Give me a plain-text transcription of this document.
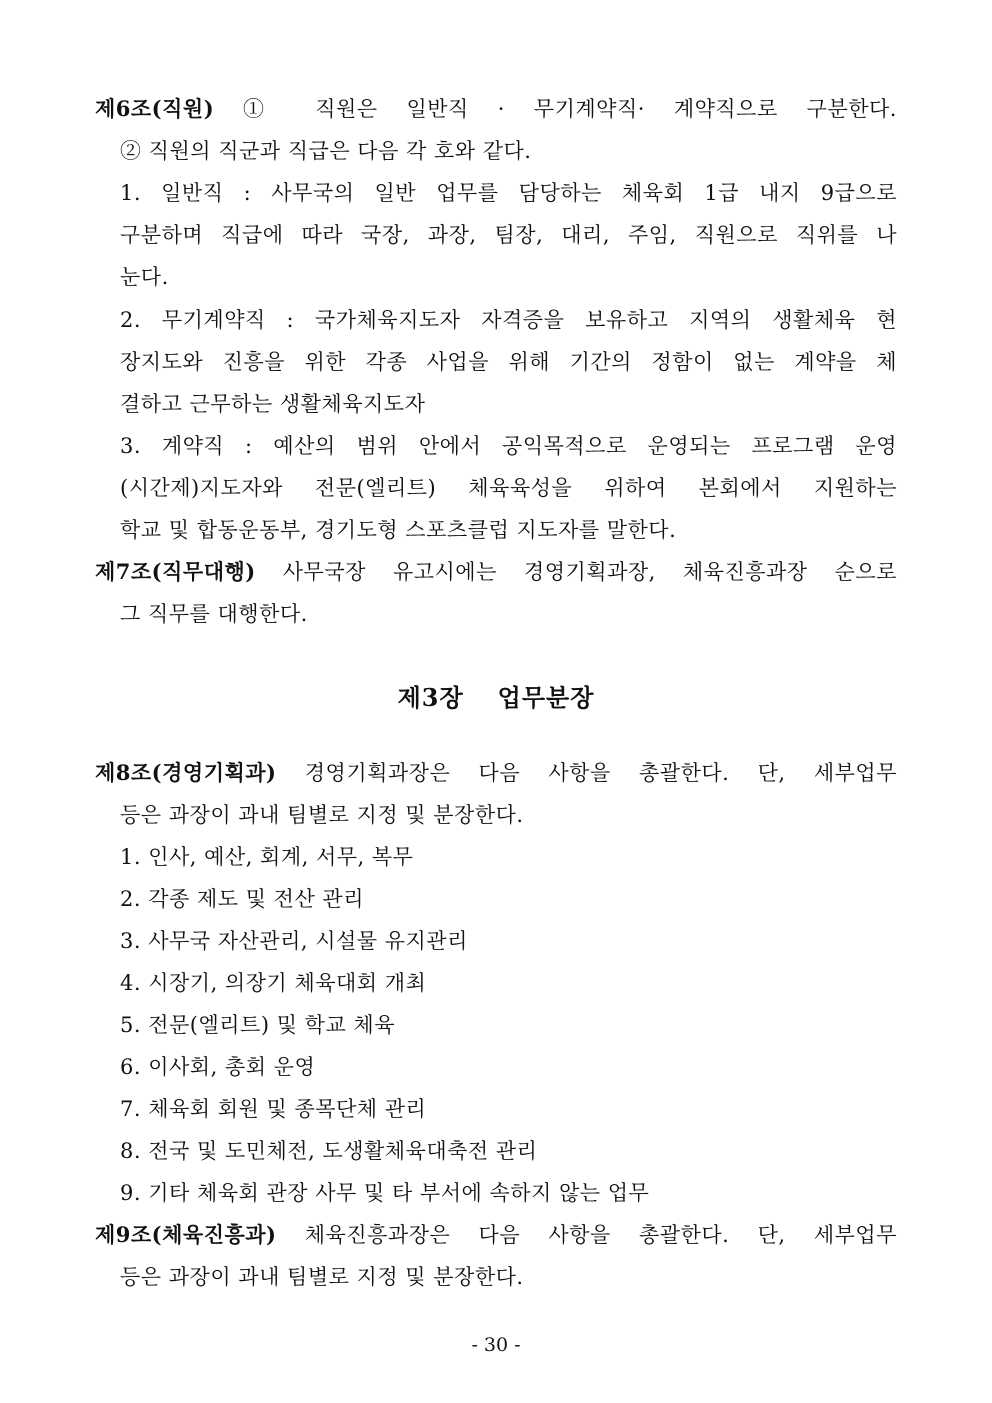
제6조(직원) ① 직원은 일반직 · 무기계약직· 계약직으로 구분한다.
② 직원의 직군과 직급은 다음 각 호와 같다.
1. 일반직 : 사무국의 일반 업무를 담당하는 체육회 1급 내지 9급으로
구분하며 직급에 따라 국장, 과장, 팀장, 대리, 주임, 직원으로 직위를 나
눈다.
2. 무기계약직 : 국가체육지도자 자격증을 보유하고 지역의 생활체육 현
장지도와 진흥을 위한 각종 사업을 위해 기간의 정함이 없는 계약을 체
결하고 근무하는 생활체육지도자
3. 계약직 : 예산의 범위 안에서 공익목적으로 운영되는 프로그램 운영
(시간제)지도자와 전문(엘리트) 체육육성을 위하여 본회에서 지원하는
학교 및 합동운동부, 경기도형 스포츠클럽 지도자를 말한다.
제7조(직무대행) 사무국장 유고시에는 경영기획과장, 체육진흥과장 순으로
그 직무를 대행한다.
제3장 업무분장
제8조(경영기획과) 경영기획과장은 다음 사항을 총괄한다. 단, 세부업무
등은 과장이 과내 팀별로 지정 및 분장한다.
1. 인사, 예산, 회계, 서무, 복무
2. 각종 제도 및 전산 관리
3. 사무국 자산관리, 시설물 유지관리
4. 시장기, 의장기 체육대회 개최
5. 전문(엘리트) 및 학교 체육
6. 이사회, 총회 운영
7. 체육회 회원 및 종목단체 관리
8. 전국 및 도민체전, 도생활체육대축전 관리
9. 기타 체육회 관장 사무 및 타 부서에 속하지 않는 업무
제9조(체육진흥과) 체육진흥과장은 다음 사항을 총괄한다. 단, 세부업무
등은 과장이 과내 팀별로 지정 및 분장한다.
- 30 -
